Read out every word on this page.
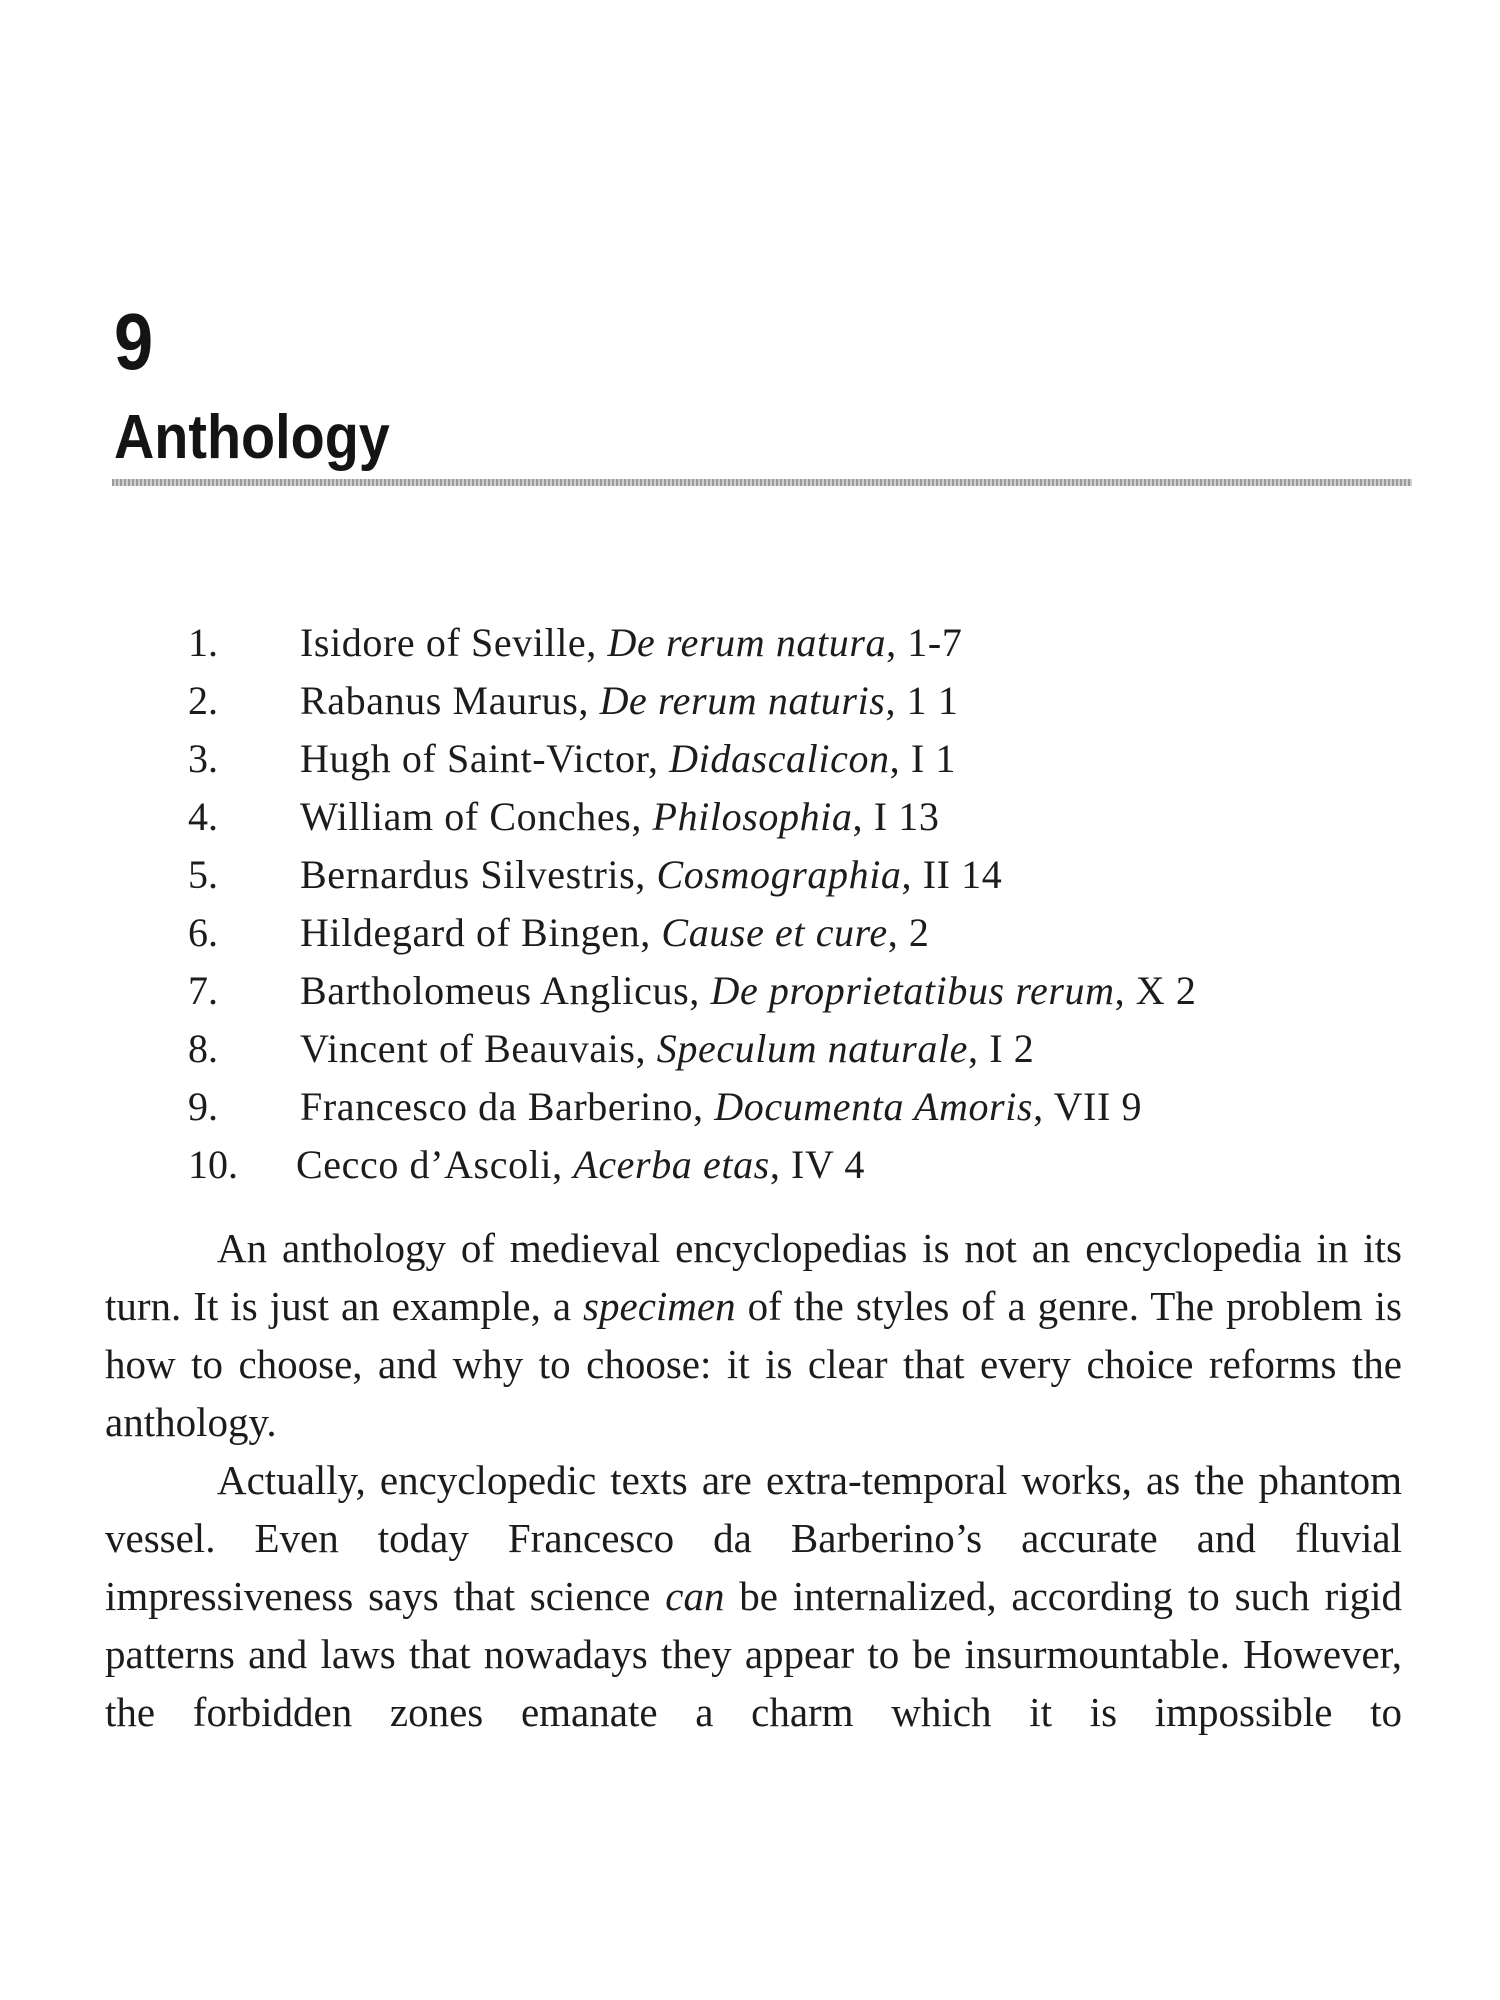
9
Anthology
1. Isidore of Seville, De rerum natura, 1-7
2. Rabanus Maurus, De rerum naturis, 1 1
3. Hugh of Saint-Victor, Didascalicon, I 1
4. William of Conches, Philosophia, I 13
5. Bernardus Silvestris, Cosmographia, II 14
6. Hildegard of Bingen, Cause et cure, 2
7. Bartholomeus Anglicus, De proprietatibus rerum, X 2
8. Vincent of Beauvais, Speculum naturale, I 2
9. Francesco da Barberino, Documenta Amoris, VII 9
10. Cecco d’Ascoli, Acerba etas, IV 4

An anthology of medieval encyclopedias is not an encyclopedia in its turn. It is just an example, a specimen of the styles of a genre. The problem is how to choose, and why to choose: it is clear that every choice reforms the anthology.

Actually, encyclopedic texts are extra-temporal works, as the phantom vessel. Even today Francesco da Barberino’s accurate and fluvial impressiveness says that science can be internalized, according to such rigid patterns and laws that nowadays they appear to be insurmountable. However, the forbidden zones emanate a charm which it is impossible to
